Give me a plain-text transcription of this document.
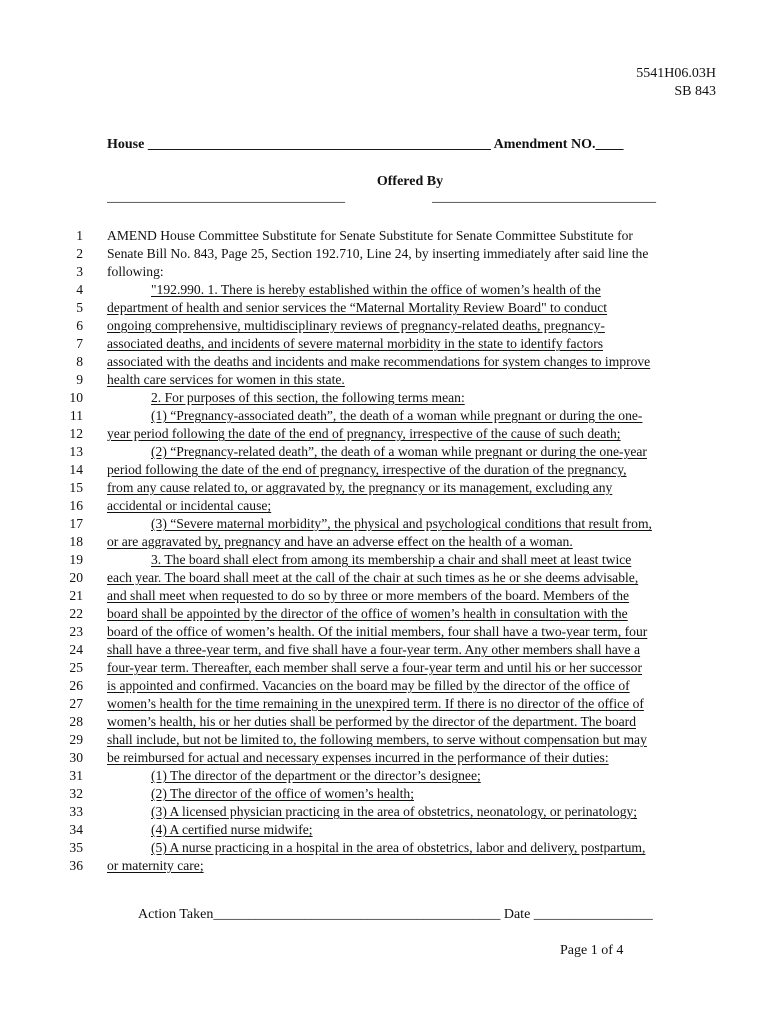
5541H06.03H
SB 843
House _________________________________________________ Amendment NO.____
Offered By
__________________________________	________________________________
1 AMEND House Committee Substitute for Senate Substitute for Senate Committee Substitute for
2 Senate Bill No. 843, Page 25, Section 192.710, Line 24, by inserting immediately after said line the
3 following:
4	"192.990. 1. There is hereby established within the office of women’s health of the
5 department of health and senior services the “Maternal Mortality Review Board" to conduct
6 ongoing comprehensive, multidisciplinary reviews of pregnancy-related deaths, pregnancy-
7 associated deaths, and incidents of severe maternal morbidity in the state to identify factors
8 associated with the deaths and incidents and make recommendations for system changes to improve
9 health care services for women in this state.
10	2. For purposes of this section, the following terms mean:
11	(1) “Pregnancy-associated death”, the death of a woman while pregnant or during the one-
12 year period following the date of the end of pregnancy, irrespective of the cause of such death;
13	(2) “Pregnancy-related death”, the death of a woman while pregnant or during the one-year
14 period following the date of the end of pregnancy, irrespective of the duration of the pregnancy,
15 from any cause related to, or aggravated by, the pregnancy or its management, excluding any
16 accidental or incidental cause;
17	(3) “Severe maternal morbidity”, the physical and psychological conditions that result from,
18 or are aggravated by, pregnancy and have an adverse effect on the health of a woman.
19	3. The board shall elect from among its membership a chair and shall meet at least twice
20 each year. The board shall meet at the call of the chair at such times as he or she deems advisable,
21 and shall meet when requested to do so by three or more members of the board. Members of the
22 board shall be appointed by the director of the office of women’s health in consultation with the
23 board of the office of women’s health. Of the initial members, four shall have a two-year term, four
24 shall have a three-year term, and five shall have a four-year term. Any other members shall have a
25 four-year term. Thereafter, each member shall serve a four-year term and until his or her successor
26 is appointed and confirmed. Vacancies on the board may be filled by the director of the office of
27 women’s health for the time remaining in the unexpired term. If there is no director of the office of
28 women’s health, his or her duties shall be performed by the director of the department. The board
29 shall include, but not be limited to, the following members, to serve without compensation but may
30 be reimbursed for actual and necessary expenses incurred in the performance of their duties:
31	(1) The director of the department or the director’s designee;
32	(2) The director of the office of women’s health;
33	(3) A licensed physician practicing in the area of obstetrics, neonatology, or perinatology;
34	(4) A certified nurse midwife;
35	(5) A nurse practicing in a hospital in the area of obstetrics, labor and delivery, postpartum,
36 or maternity care;
Action Taken_________________________________________ Date _________________
Page 1 of 4
